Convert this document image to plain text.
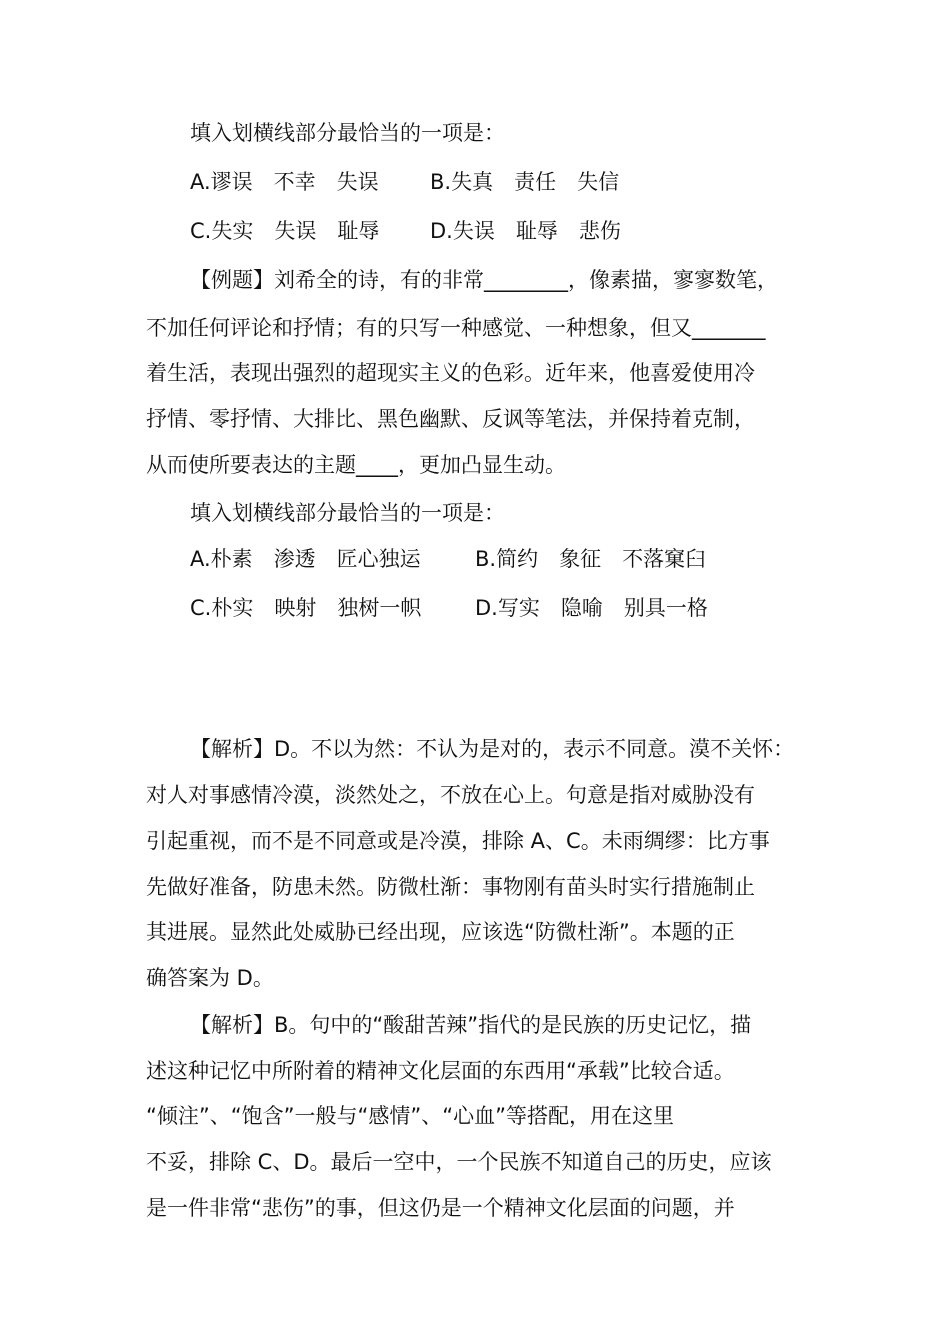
填入划横线部分最恰当的一项是：
A.谬误　不幸　失误 B.失真　责任　失信
C.失实　失误　耻辱 D.失误　耻辱　悲伤
【例题】刘希全的诗，有的非常________，像素描，寥寥数笔，
不加任何评论和抒情；有的只写一种感觉、一种想象，但又_______
着生活，表现出强烈的超现实主义的色彩。近年来，他喜爱使用冷
抒情、零抒情、大排比、黑色幽默、反讽等笔法，并保持着克制，
从而使所要表达的主题____，更加凸显生动。
填入划横线部分最恰当的一项是：
A.朴素　渗透　匠心独运	B.简约　象征　不落窠臼
C.朴实　映射　独树一帜	D.写实　隐喻　别具一格
【解析】D。不以为然：不认为是对的，表示不同意。漠不关怀：
对人对事感情冷漠，淡然处之，不放在心上。句意是指对威胁没有
引起重视，而不是不同意或是冷漠，排除 A、C。未雨绸缪：比方事
先做好准备，防患未然。防微杜渐：事物刚有苗头时实行措施制止
其进展。显然此处威胁已经出现，应该选“防微杜渐”。本题的正
确答案为 D。
【解析】B。句中的“酸甜苦辣”指代的是民族的历史记忆，描
述这种记忆中所附着的精神文化层面的东西用“承载”比较合适。
“倾注”、“饱含”一般与“感情”、“心血”等搭配，用在这里
不妥，排除 C、D。最后一空中，一个民族不知道自己的历史，应该
是一件非常“悲伤”的事，但这仍是一个精神文化层面的问题，并
